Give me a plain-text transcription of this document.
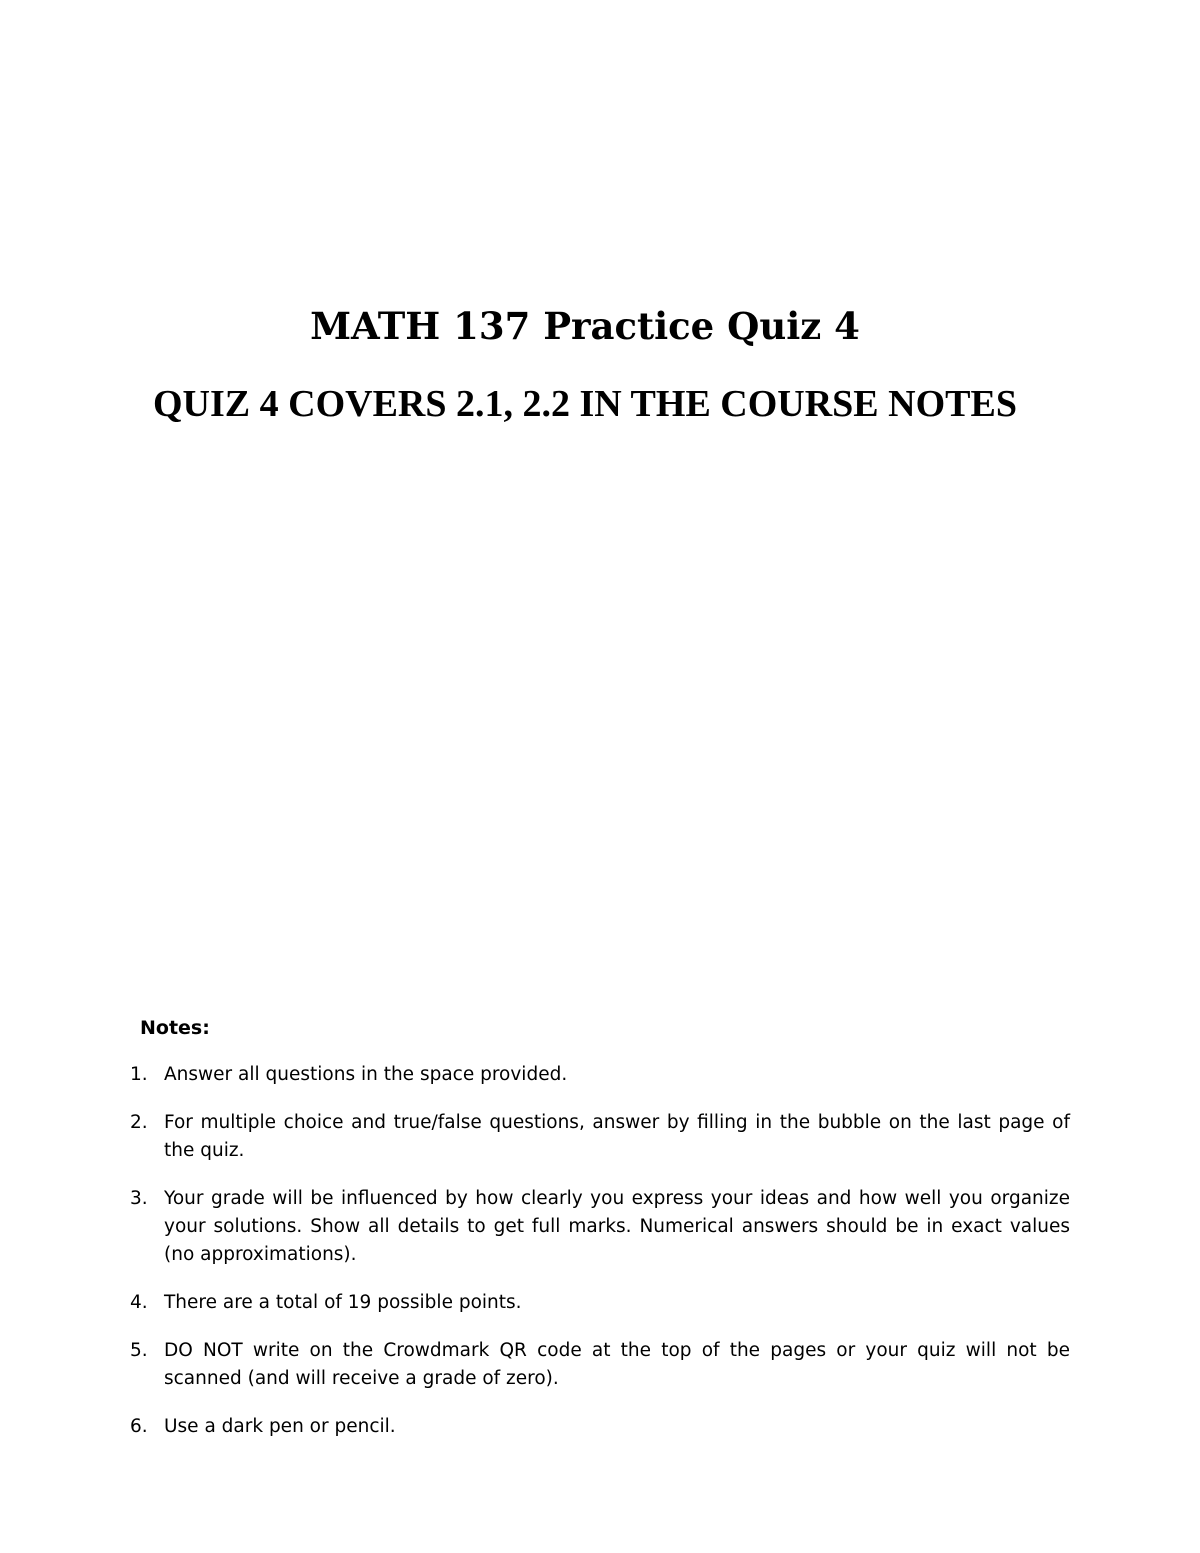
MATH 137 Practice Quiz 4
QUIZ 4 COVERS 2.1, 2.2 IN THE COURSE NOTES
Notes:
1. Answer all questions in the space provided.
2. For multiple choice and true/false questions, answer by filling in the bubble on the last page of the quiz.
3. Your grade will be influenced by how clearly you express your ideas and how well you organize your solutions. Show all details to get full marks. Numerical answers should be in exact values (no approximations).
4. There are a total of 19 possible points.
5. DO NOT write on the Crowdmark QR code at the top of the pages or your quiz will not be scanned (and will receive a grade of zero).
6. Use a dark pen or pencil.
